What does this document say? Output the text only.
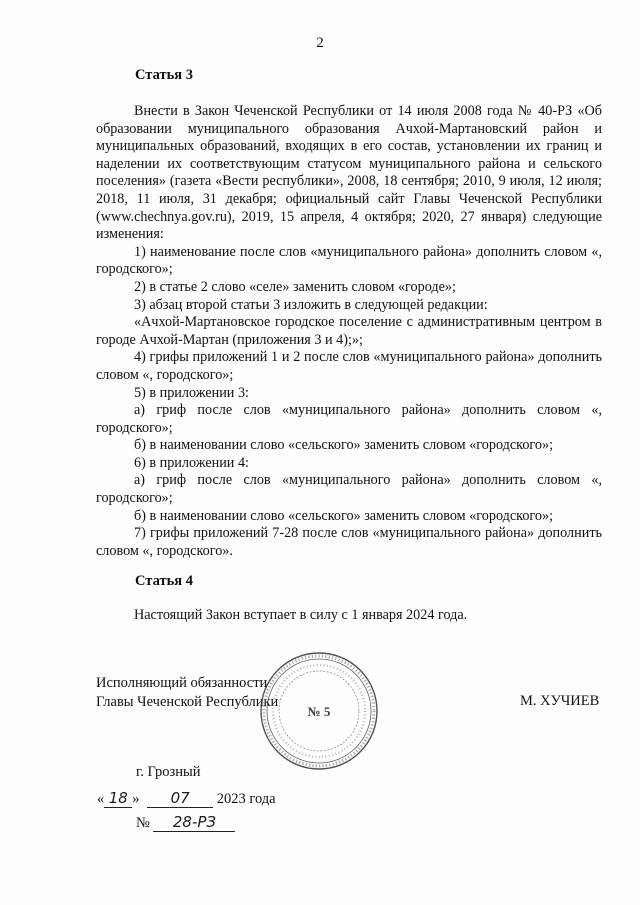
2
Статья 3

Внести в Закон Чеченской Республики от 14 июля 2008 года № 40-РЗ «Об образовании муниципального образования Ачхой-Мартановский район и муниципальных образований, входящих в его состав, установлении их границ и наделении их соответствующим статусом муниципального района и сельского поселения» (газета «Вести республики», 2008, 18 сентября; 2010, 9 июля, 12 июля; 2018, 11 июля, 31 декабря; официальный сайт Главы Чеченской Республики (www.chechnya.gov.ru), 2019, 15 апреля, 4 октября; 2020, 27 января) следующие изменения:

1) наименование после слов «муниципального района» дополнить словом «, городского»;

2) в статье 2 слово «селе» заменить словом «городе»;

3) абзац второй статьи 3 изложить в следующей редакции:

«Ачхой-Мартановское городское поселение с административным центром в городе Ачхой-Мартан (приложения 3 и 4);»;

4) грифы приложений 1 и 2 после слов «муниципального района» дополнить словом «, городского»;

5) в приложении 3:

а) гриф после слов «муниципального района» дополнить словом «, городского»;

б) в наименовании слово «сельского» заменить словом «городского»;

6) в приложении 4:

а) гриф после слов «муниципального района» дополнить словом «, городского»;

б) в наименовании слово «сельского» заменить словом «городского»;

7) грифы приложений 7-28 после слов «муниципального района» дополнить словом «, городского».

Статья 4

Настоящий Закон вступает в силу с 1 января 2024 года.

Исполняющий обязанности
Главы Чеченской Республики
№ 5
М. ХУЧИЕВ
г. Грозный
« 18 » 07 2023 года
№ 28-РЗ
